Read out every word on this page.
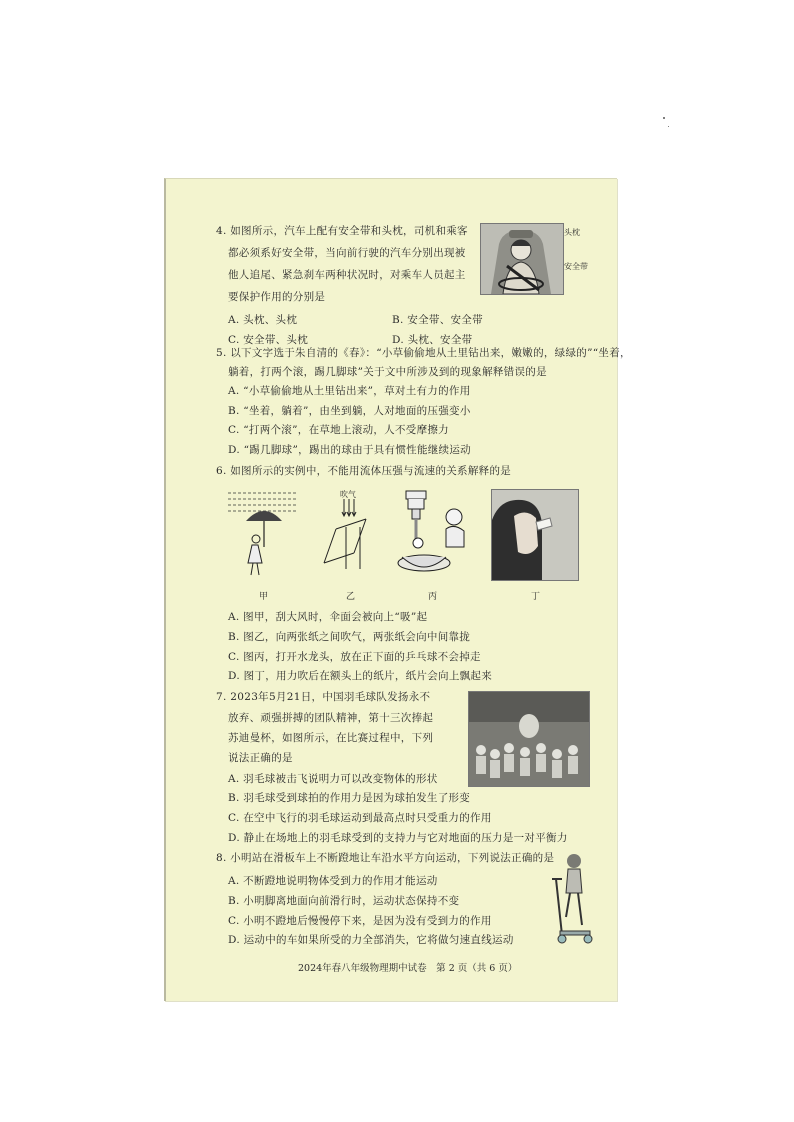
4. 如图所示，汽车上配有安全带和头枕，司机和乘客
都必须系好安全带，当向前行驶的汽车分别出现被
他人追尾、紧急刹车两种状况时，对乘车人员起主
要保护作用的分别是
A. 头枕、头枕	B. 安全带、安全带
C. 安全带、头枕	D. 头枕、安全带
头枕
安全带
5. 以下文字选于朱自清的《春》：“小草偷偷地从土里钻出来，嫩嫩的，绿绿的”“坐着，
躺着，打两个滚，踢几脚球”关于文中所涉及到的现象解释错误的是
A. “小草偷偷地从土里钻出来”，草对土有力的作用
B. “坐着，躺着”，由坐到躺，人对地面的压强变小
C. “打两个滚”，在草地上滚动，人不受摩擦力
D. “踢几脚球”，踢出的球由于具有惯性能继续运动
6. 如图所示的实例中，不能用流体压强与流速的关系解释的是
吹气
甲	乙	丙	丁
A. 图甲，刮大风时，伞面会被向上“吸”起
B. 图乙，向两张纸之间吹气，两张纸会向中间靠拢
C. 图丙，打开水龙头，放在正下面的乒乓球不会掉走
D. 图丁，用力吹后在额头上的纸片，纸片会向上飘起来
7. 2023年5月21日，中国羽毛球队发扬永不
放弃、顽强拼搏的团队精神，第十三次捧起
苏迪曼杯，如图所示，在比赛过程中，下列
说法正确的是
A. 羽毛球被击飞说明力可以改变物体的形状
B. 羽毛球受到球拍的作用力是因为球拍发生了形变
C. 在空中飞行的羽毛球运动到最高点时只受重力的作用
D. 静止在场地上的羽毛球受到的支持力与它对地面的压力是一对平衡力
8. 小明站在滑板车上不断蹬地让车沿水平方向运动，下列说法正确的是
A. 不断蹬地说明物体受到力的作用才能运动
B. 小明脚离地面向前滑行时，运动状态保持不变
C. 小明不蹬地后慢慢停下来，是因为没有受到力的作用
D. 运动中的车如果所受的力全部消失，它将做匀速直线运动
2024年春八年级物理期中试卷　第 2 页（共 6 页）
